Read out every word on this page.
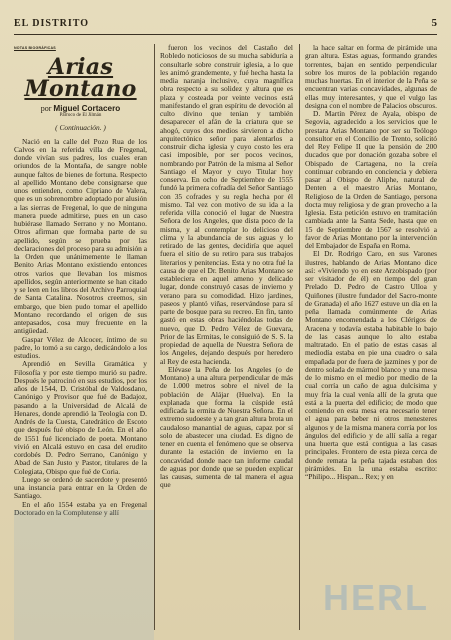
EL DISTRITO	5
NOTAS BIOGRÁFICAS
Arias Montano
por Miguel Cortacero
Párroco de El Jilmán
( Continuación. )

Nació en la calle del Pozo Rua de los Calvos en la referida villa de Fregenal, donde vivían sus padres, los cuales eran oriundos de la Montaña, de sangre noble aunque faltos de bienes de fortuna. Respecto al apellido Montano debe consignarse que unos entienden, como Cipriano de Valera, que es un sobrenombre adoptado por alusión a las sierras de Fregenal, lo que de ninguna manera puede admitirse, pues en un caso hubiérase llamado Serrano y no Montano. Otros afirman que formaba parte de su apellido, según se prueba por las declaraciones del proceso para su admisión a la Orden que unánimemente le llaman Benito Arias Montano existiendo entonces otros varios que llevaban los mismos apellidos, según anteriormente se han citado y se leen en los libros del Archivo Parroquial de Santa Catalina. Nosotros creemos, sin embargo, que bien pudo tomar el apellido Montano recordando el origen de sus antepasados, cosa muy frecuente en la antigüedad.

Gaspar Vélez de Alcocer, íntimo de su padre, lo tomó a su cargo, dedicándolo a los estudios.

Aprendió en Sevilla Gramática y Filosofía y por este tiempo murió su padre. Después le patrocinó en sus estudios, por los años de 1544, D. Cristóbal de Valdosdano, Canónigo y Provisor que fué de Badajoz, pasando a la Universidad de Alcalá de Henares, donde aprendió la Teología con D. Andrés de la Cuesta, Catedrático de Escoto que después fué obispo de León. En el año de 1551 fué licenciado de poeta. Montano vivió en Alcalá estuvo en casa del erudito cordobés D. Pedro Serrano, Canónigo y Abad de San Justo y Pastor, titulares de la Colegiata, Obispo que fué de Coria.

Luego se ordenó de sacerdote y presentó una instancia para entrar en la Orden de Santiago.

En el año 1554 estaba ya en Fregenal Doctorado en la Complutense y allí

fueron los vecinos del Castaño del Robledo noticiosos de su mucha sabiduría a consultarle sobre construir iglesia, a lo que les animó grandemente, y fué hecha hasta la media naranja inclusive, cuya magnífica obra respecto a su solidez y altura que es plaza y costeada por veinte vecinos está manifestando el gran espíritu de devoción al culto divino que tenían y también desaparecer el afán de la criatura que se ahogó, cuyos dos medios sirvieron a dicho arquitectónico señor para alentarlos a construir dicha iglesia y cuyo costo les era casi imposible, por ser pocos vecinos, nombrando por Patrón de la misma al Señor Santiago el Mayor y cuyo Titular hoy conserva. En ocho de Septiembre de 1555 fundó la primera cofradía del Señor Santiago con 35 cofrades y su regla hecha por él mismo. Tal vez con motivo de su ida a la referida villa conoció el lugar de Nuestra Señora de los Angeles, que dista poco de la misma, y al contemplar lo delicioso del clima y la abundancia de sus aguas y lo retirado de las gentes, decidiría que aquel fuera el sitio de su retiro para sus trabajos literarios y penitencias. Esta y no otra fué la causa de que el Dr. Benito Arias Montano se estableciera en aquel ameno y delicado lugar, donde construyó casas de invierno y verano para su comodidad. Hizo jardines, paseos y plantó viñas, reservándose para sí parte de bosque para su recreo. En fin, tanto gastó en estas obras haciéndolas todas de nuevo, que D. Pedro Vélez de Guevara, Prior de las Ermitas, le consiguió de S. S. la propiedad de aquella de Nuestra Señora de los Angeles, dejando después por heredero al Rey de esta hacienda.

Elévase la Peña de los Angeles (o de Montano) a una altura perpendicular de más de 1.000 metros sobre el nivel de la población de Alájar (Huelva). En la explanada que forma la cúspide está edificada la ermita de Nuestra Señora. En el extremo sudoeste y a tan gran altura brota un caudaloso manantial de aguas, capaz por sí solo de abastecer una ciudad. Es digno de tener en cuenta el fenómeno que se observa durante la estación de invierno en la concavidad donde nace tan informe caudal de aguas por donde que se pueden explicar las causas, sumenta de tal manera el agua que

la hace saltar en forma de pirámide una gran altura. Estas aguas, formando grandes torrentes, bajan en sentido perpendicular sobre los muros de la población regando muchas huertas. En el interior de la Peña se encuentran varias concavidades, algunas de ellas muy interesantes, y que el vulgo las designa con el nombre de Palacios obscuros.

D. Martín Pérez de Ayala, obispo de Segovia, agradecido a los servicios que le prestara Arias Montano por ser su Teólogo consultor en el Concilio de Trento, solicitó del Rey Felipe II que la pensión de 200 ducados que por donación gozaba sobre el Obispado de Cartagena, no la creía continuar cobrando en conciencia y debiera pasar al Obispo de Aliphe, natural de Denten a el maestro Arias Montano, Religioso de la Orden de Santiago, persona docta muy religiosa y de gran provecho a la Iglesia. Esta petición estuvo en tramitación cambiada ante la Santa Sede, hasta que en 15 de Septiembre de 1567 se resolvió a favor de Arias Montano por la intervención del Embajador de España en Roma.

El Dr. Rodrigo Caro, en sus Varones ilustres, hablando de Arias Montano dice así: «Viviendo yo en este Arzobispado (por ser visitador de él) en tiempo del gran Prelado D. Pedro de Castro Ulloa y Quiñones (ilustre fundador del Sacro-monte de Granada) el año 1627 estuve un día en la peña llamada comúnmente de Arias Montano encomendada a los Clérigos de Aracena y todavía estaba habitable lo bajo de las casas aunque lo alto estaba maltratado. En el patio de estas casas al mediodía estaba en pie una cuadro o sala empañada por de fuera de jazmines y por de dentro solada de mármol blanco y una mesa de lo mismo en el medio por medio de la cual corría un caño de agua dulcísima y muy fría la cual venía allí de la gruta que está a la puerta del edificio; de modo que comiendo en esta mesa era necesario tener el agua para beber ni otros menesteres algunos y de la misma manera corría por los ángulos del edificio y de allí salía a regar una huerta que está contigua a las casas principales. Frontero de esta pieza cerca de donde remata la peña tajada estaban dos pirámides. En la una estaba escrito: “Philipo... Hispan... Rex; y en

HERL
